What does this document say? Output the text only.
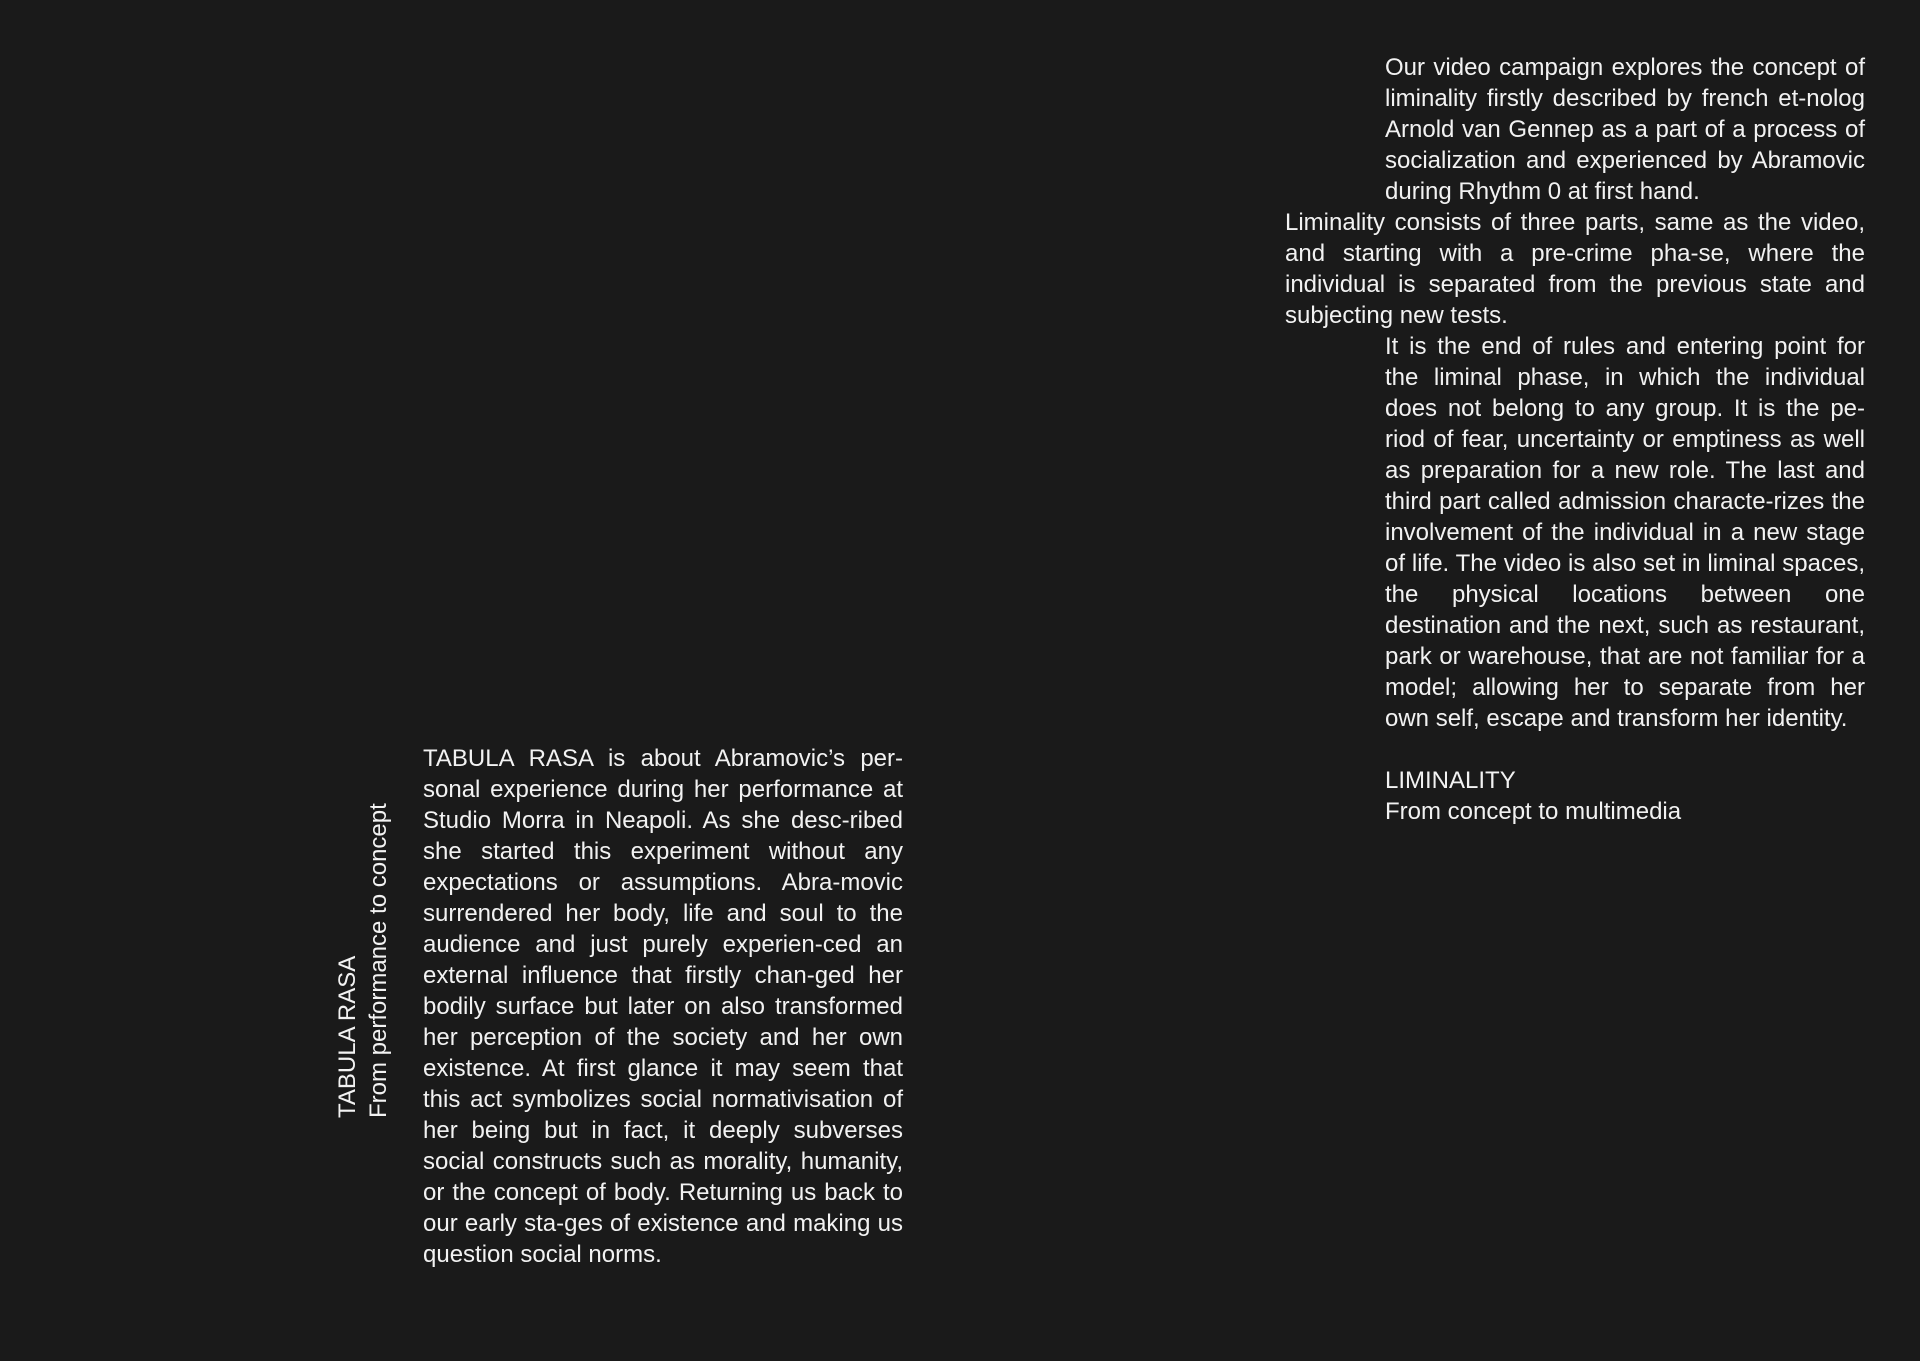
TABULA RASA From performance to concept
TABULA RASA is about Abramovic’s per-sonal experience during her performance at Studio Morra in Neapoli. As she desc-ribed she started this experiment without any expectations or assumptions. Abra-movic surrendered her body, life and soul to the audience and just purely experien-ced an external influence that firstly chan-ged her bodily surface but later on also transformed her perception of the society and her own existence. At first glance it may seem that this act symbolizes social normativisation of her being but in fact, it deeply subverses social constructs such as morality, humanity, or the concept of body. Returning us back to our early sta-ges of existence and making us question social norms.

Our video campaign explores the concept of liminality firstly described by french et-nolog Arnold van Gennep as a part of a process of socialization and experienced by Abramovic during Rhythm 0 at first hand.

Liminality consists of three parts, same as the video, and starting with a pre-crime pha-se, where the individual is separated from the previous state and subjecting new tests.

It is the end of rules and entering point for the liminal phase, in which the individual does not belong to any group. It is the pe-riod of fear, uncertainty or emptiness as well as preparation for a new role. The last and third part called admission characte-rizes the involvement of the individual in a new stage of life. The video is also set in liminal spaces, the physical locations between one destination and the next, such as restaurant, park or warehouse, that are not familiar for a model; allowing her to separate from her own self, escape and transform her identity.

LIMINALITY
From concept to multimedia
